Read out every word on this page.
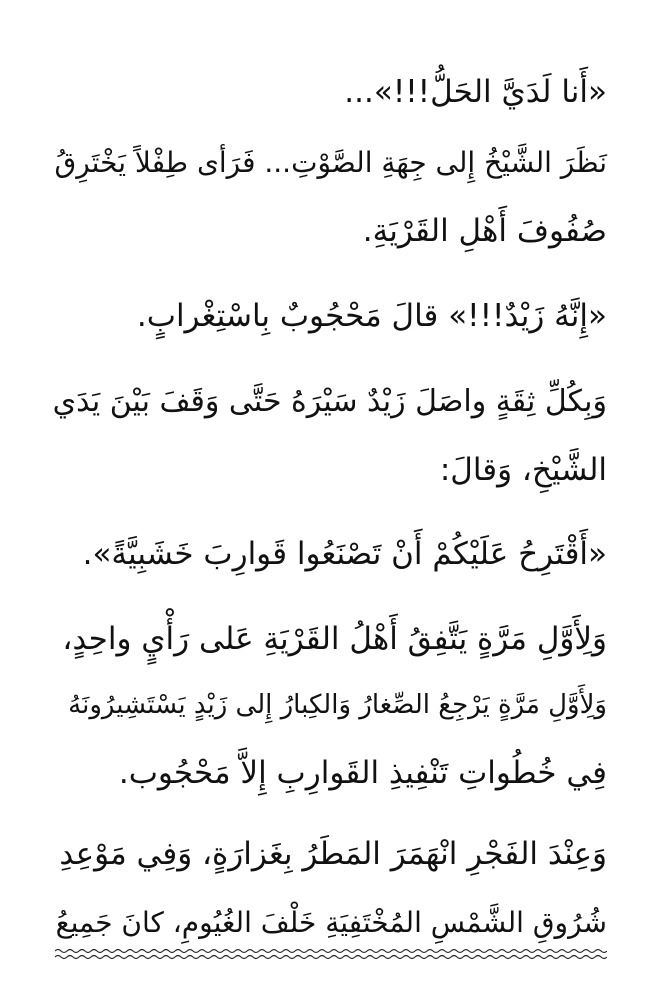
«أَنا لَدَيَّ الحَلُّ!!!»...
نَظَرَ الشَّيْخُ إِلى جِهَةِ الصَّوْتِ... فَرَأى طِفْلاً يَخْتَرِقُ
صُفُوفَ أَهْلِ القَرْيَةِ.
«إِنَّهُ زَيْدٌ!!!» قالَ مَحْجُوبٌ بِاسْتِغْرابٍ.
وَبِكُلِّ ثِقَةٍ واصَلَ زَيْدٌ سَيْرَهُ حَتَّى وَقَفَ بَيْنَ يَدَي
الشَّيْخِ، وَقالَ:
«أَقْتَرِحُ عَلَيْكُمْ أَنْ تَصْنَعُوا قَوارِبَ خَشَبِيَّةً».
وَلِأَوَّلِ مَرَّةٍ يَتَّفِقُ أَهْلُ القَرْيَةِ عَلى رَأْيٍ واحِدٍ،
وَلِأَوَّلِ مَرَّةٍ يَرْجِعُ الصِّغارُ وَالكِبارُ إِلى زَيْدٍ يَسْتَشِيرُونَهُ
فِي خُطُواتِ تَنْفِيذِ القَوارِبِ إِلاَّ مَحْجُوب.
وَعِنْدَ الفَجْرِ انْهَمَرَ المَطَرُ بِغَزارَةٍ، وَفِي مَوْعِدِ
شُرُوقِ الشَّمْسِ المُخْتَفِيَةِ خَلْفَ الغُيُومِ، كانَ جَمِيعُ
